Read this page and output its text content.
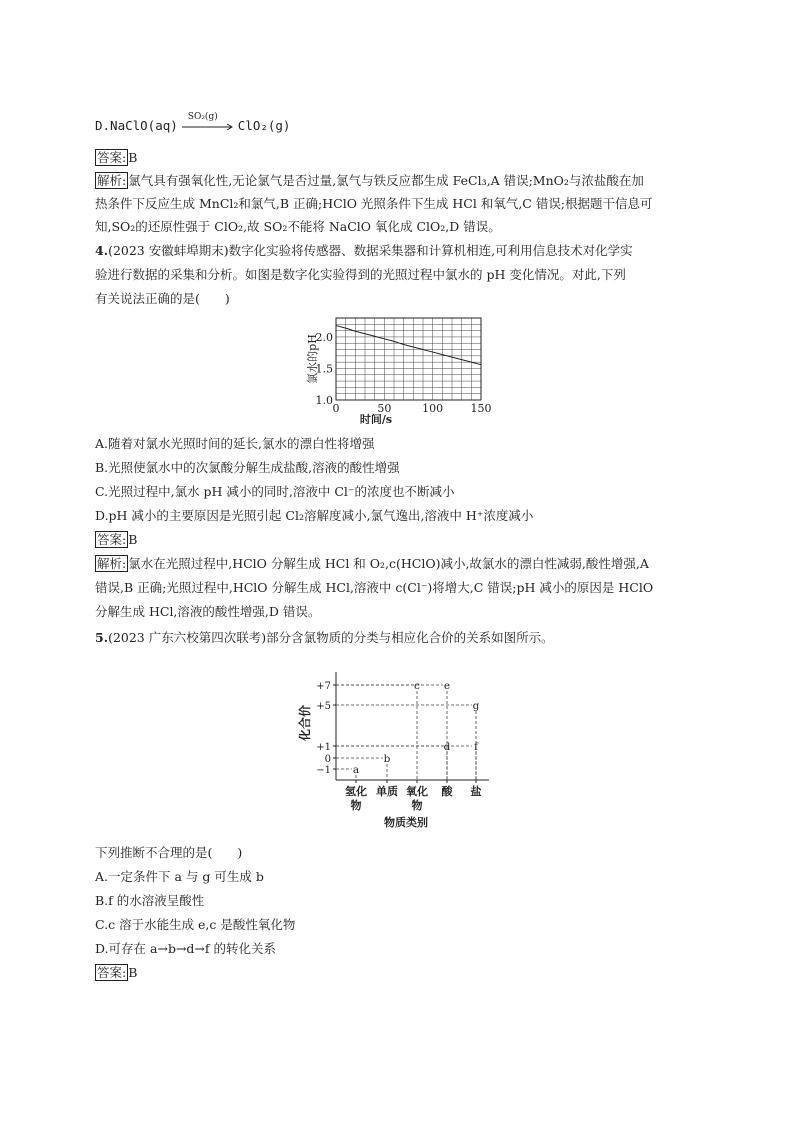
D.NaClO(aq)
SO₂(g)
ClO₂(g)
答案: B
解析: 氯气具有强氧化性,无论氯气是否过量,氯气与铁反应都生成 FeCl₃,A 错误;MnO₂与浓盐酸在加
热条件下反应生成 MnCl₂和氯气,B 正确;HClO 光照条件下生成 HCl 和氧气,C 错误;根据题干信息可
知,SO₂的还原性强于 ClO₂,故 SO₂不能将 NaClO 氧化成 ClO₂,D 错误。
4.(2023 安徽蚌埠期末)数字化实验将传感器、数据采集器和计算机相连,可利用信息技术对化学实
验进行数据的采集和分析。如图是数字化实验得到的光照过程中氯水的 pH 变化情况。对此,下列
有关说法正确的是(　　)
1.0
1.5
2.0
0	50	100 150
氯水的pH
时间/s
A.随着对氯水光照时间的延长,氯水的漂白性将增强
B.光照使氯水中的次氯酸分解生成盐酸,溶液的酸性增强
C.光照过程中,氯水 pH 减小的同时,溶液中 Cl⁻的浓度也不断减小
D.pH 减小的主要原因是光照引起 Cl₂溶解度减小,氯气逸出,溶液中 H⁺浓度减小
答案: B
解析: 氯水在光照过程中,HClO 分解生成 HCl 和 O₂,c(HClO)减小,故氯水的漂白性减弱,酸性增强,A
错误,B 正确;光照过程中,HClO 分解生成 HCl,溶液中 c(Cl⁻)将增大,C 错误;pH 减小的原因是 HClO
分解生成 HCl,溶液的酸性增强,D 错误。
5.(2023 广东六校第四次联考)部分含氯物质的分类与相应化合价的关系如图所示。
化合价
+7
+5
+1
0
−1
氢化
物
单质 氧化
物
酸 盐
a
b
c
d
e
f
g
物质类别
下列推断不合理的是(　　)
A.一定条件下 a 与 g 可生成 b
B.f 的水溶液呈酸性
C.c 溶于水能生成 e,c 是酸性氧化物
D.可存在 a→b→d→f 的转化关系
答案: B
